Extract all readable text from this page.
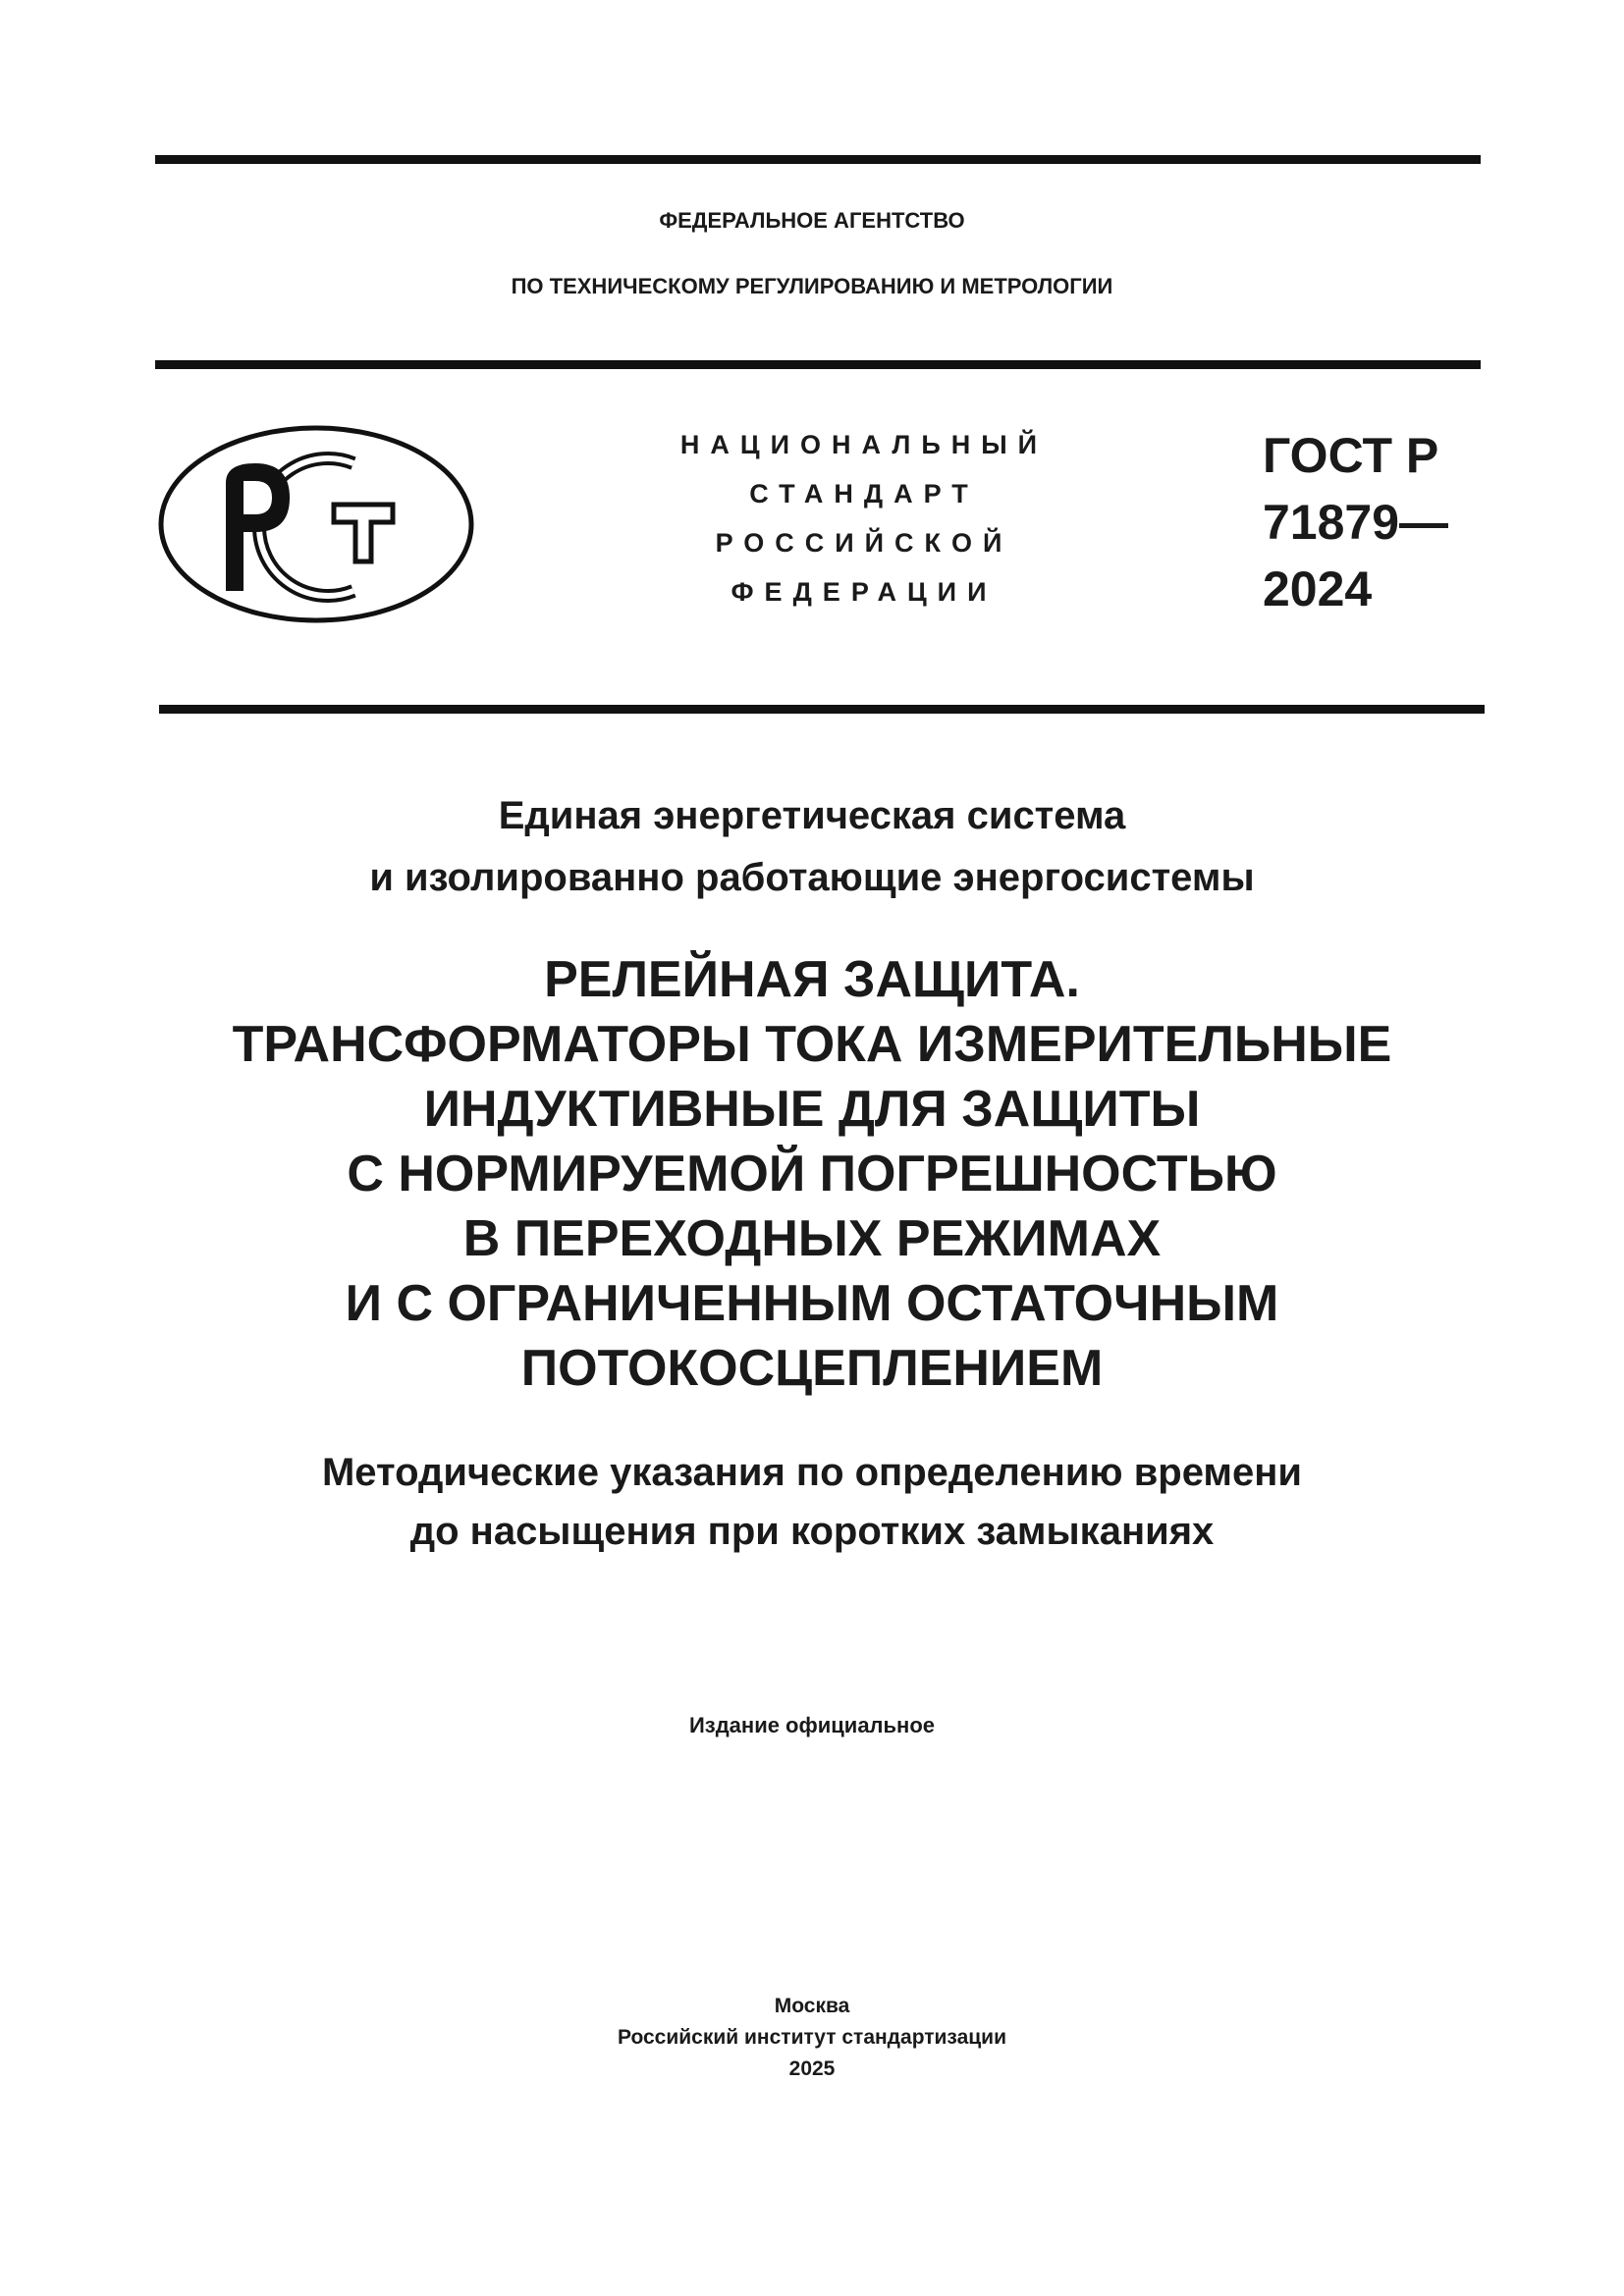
ФЕДЕРАЛЬНОЕ АГЕНТСТВО
ПО ТЕХНИЧЕСКОМУ РЕГУЛИРОВАНИЮ И МЕТРОЛОГИИ
НАЦИОНАЛЬНЫЙ
СТАНДАРТ
РОССИЙСКОЙ
ФЕДЕРАЦИИ
ГОСТ Р
71879—
2024
Единая энергетическая система
и изолированно работающие энергосистемы
РЕЛЕЙНАЯ ЗАЩИТА.
ТРАНСФОРМАТОРЫ ТОКА ИЗМЕРИТЕЛЬНЫЕ
ИНДУКТИВНЫЕ ДЛЯ ЗАЩИТЫ
С НОРМИРУЕМОЙ ПОГРЕШНОСТЬЮ
В ПЕРЕХОДНЫХ РЕЖИМАХ
И С ОГРАНИЧЕННЫМ ОСТАТОЧНЫМ
ПОТОКОСЦЕПЛЕНИЕМ
Методические указания по определению времени
до насыщения при коротких замыканиях
Издание официальное
Москва
Российский институт стандартизации
2025
